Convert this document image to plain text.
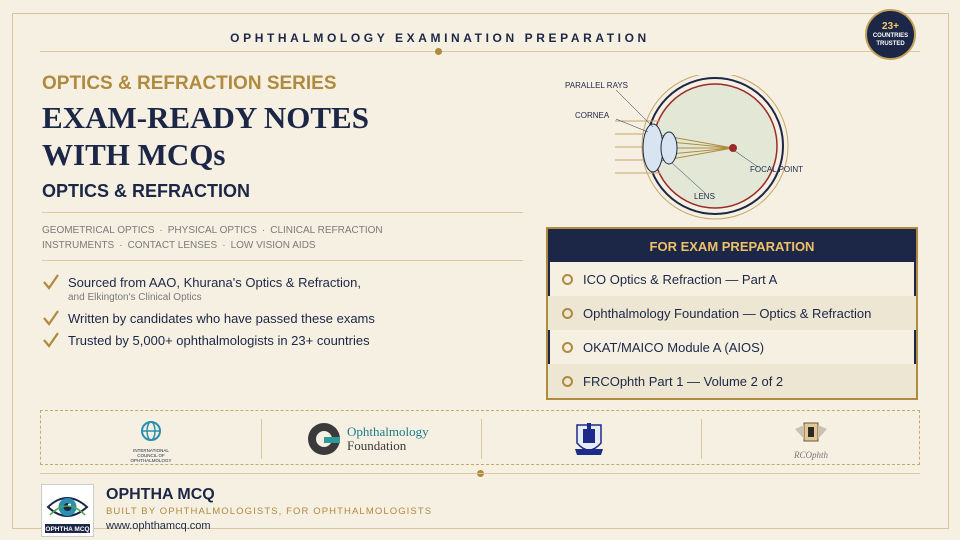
OPHTHALMOLOGY EXAMINATION PREPARATION
23+
COUNTRIES
TRUSTED
OPTICS & REFRACTION SERIES
EXAM-READY NOTES
WITH MCQs
OPTICS & REFRACTION
GEOMETRICAL OPTICS · PHYSICAL OPTICS · CLINICAL REFRACTION
INSTRUMENTS · CONTACT LENSES · LOW VISION AIDS
Sourced from AAO, Khurana's Optics & Refraction,
and Elkington's Clinical Optics
Written by candidates who have passed these exams
Trusted by 5,000+ ophthalmologists in 23+ countries
PARALLEL RAYS
CORNEA
FOCAL POINT
LENS
FOR EXAM PREPARATION
ICO Optics & Refraction — Part A
Ophthalmology Foundation — Optics & Refraction
OKAT/MAICO Module A (AIOS)
FRCOphth Part 1 — Volume 2 of 2
INTERNATIONAL
COUNCIL OF
OPHTHALMOLOGY
Ophthalmology
Foundation
RCOphth
OPHTHA MCQ
OPHTHA MCQ
BUILT BY OPHTHALMOLOGISTS, FOR OPHTHALMOLOGISTS
www.ophthamcq.com
